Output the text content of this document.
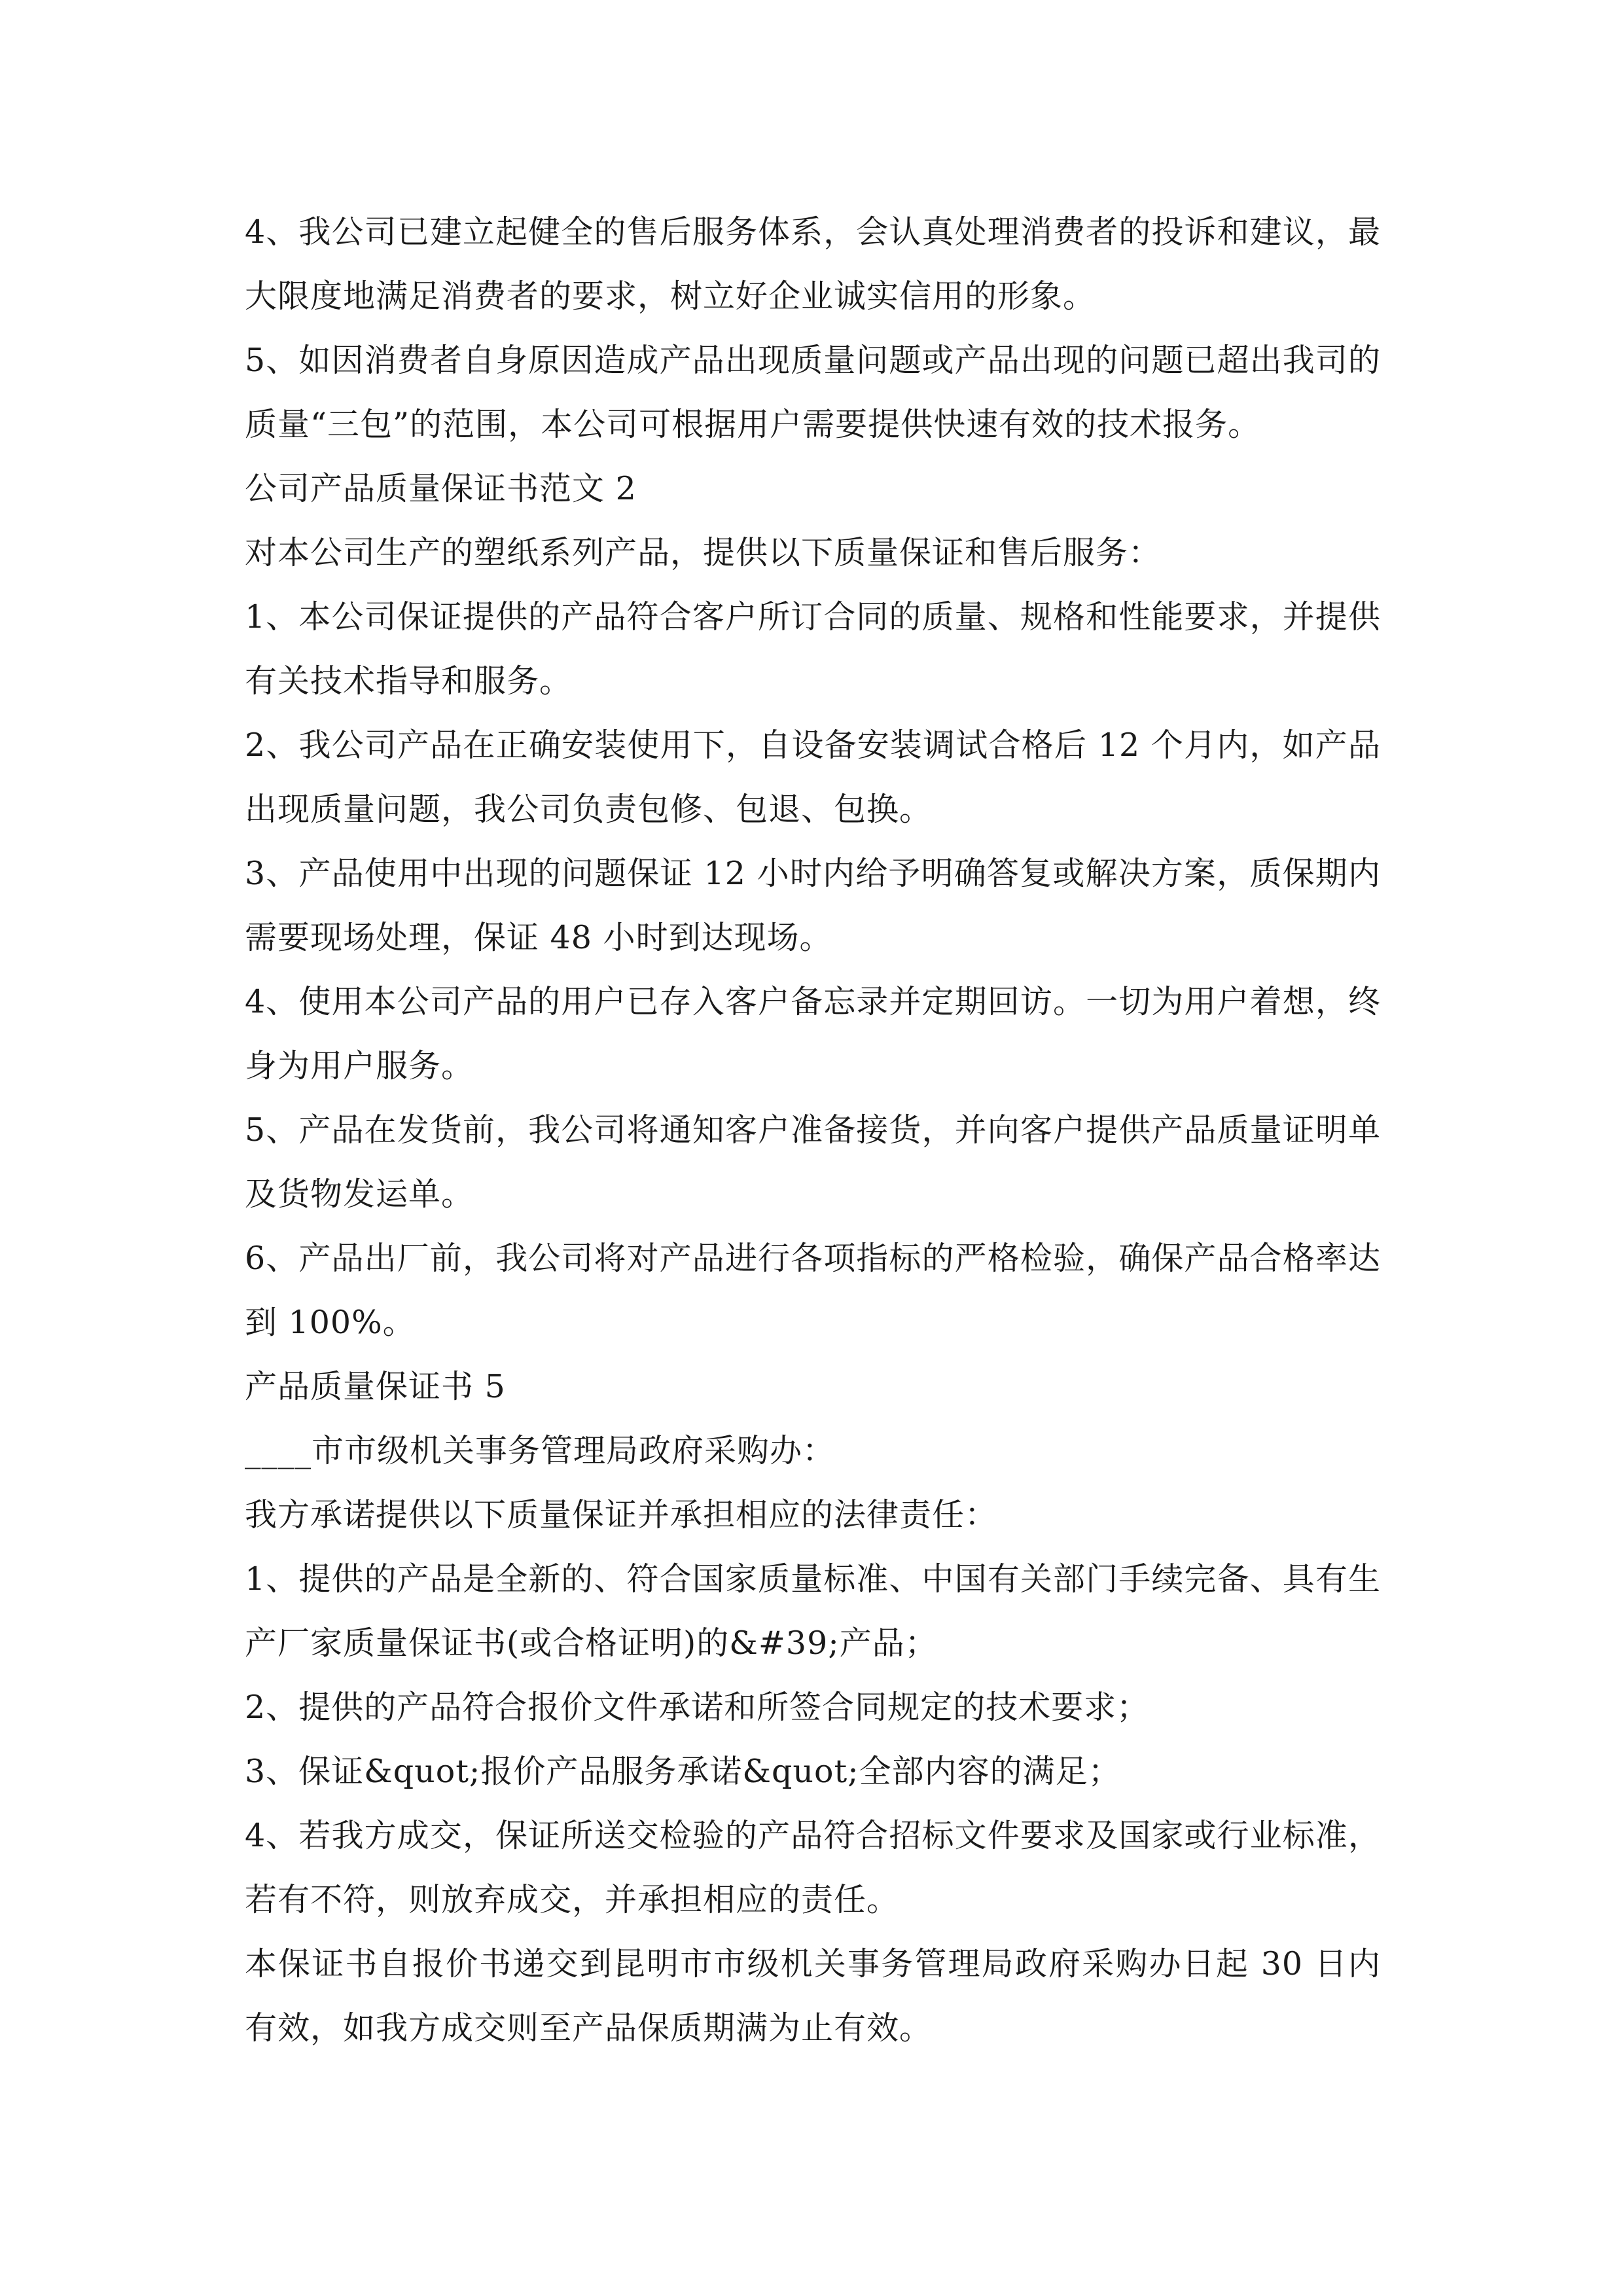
4、我公司已建立起健全的售后服务体系，会认真处理消费者的投诉和建议，最大限度地满足消费者的要求，树立好企业诚实信用的形象。

5、如因消费者自身原因造成产品出现质量问题或产品出现的问题已超出我司的质量“三包”的范围，本公司可根据用户需要提供快速有效的技术报务。

公司产品质量保证书范文 2

对本公司生产的塑纸系列产品，提供以下质量保证和售后服务：

1、本公司保证提供的产品符合客户所订合同的质量、规格和性能要求，并提供有关技术指导和服务。

2、我公司产品在正确安装使用下，自设备安装调试合格后 12 个月内，如产品出现质量问题，我公司负责包修、包退、包换。

3、产品使用中出现的问题保证 12 小时内给予明确答复或解决方案，质保期内需要现场处理，保证 48 小时到达现场。

4、使用本公司产品的用户已存入客户备忘录并定期回访。一切为用户着想，终身为用户服务。

5、产品在发货前，我公司将通知客户准备接货，并向客户提供产品质量证明单及货物发运单。

6、产品出厂前，我公司将对产品进行各项指标的严格检验，确保产品合格率达到 100%。

产品质量保证书 5

____市市级机关事务管理局政府采购办：

我方承诺提供以下质量保证并承担相应的法律责任：

1、提供的产品是全新的、符合国家质量标准、中国有关部门手续完备、具有生产厂家质量保证书(或合格证明)的&#39;产品；

2、提供的产品符合报价文件承诺和所签合同规定的技术要求；

3、保证&quot;报价产品服务承诺&quot;全部内容的满足；

4、若我方成交，保证所送交检验的产品符合招标文件要求及国家或行业标准，若有不符，则放弃成交，并承担相应的责任。

本保证书自报价书递交到昆明市市级机关事务管理局政府采购办日起 30 日内有效，如我方成交则至产品保质期满为止有效。
